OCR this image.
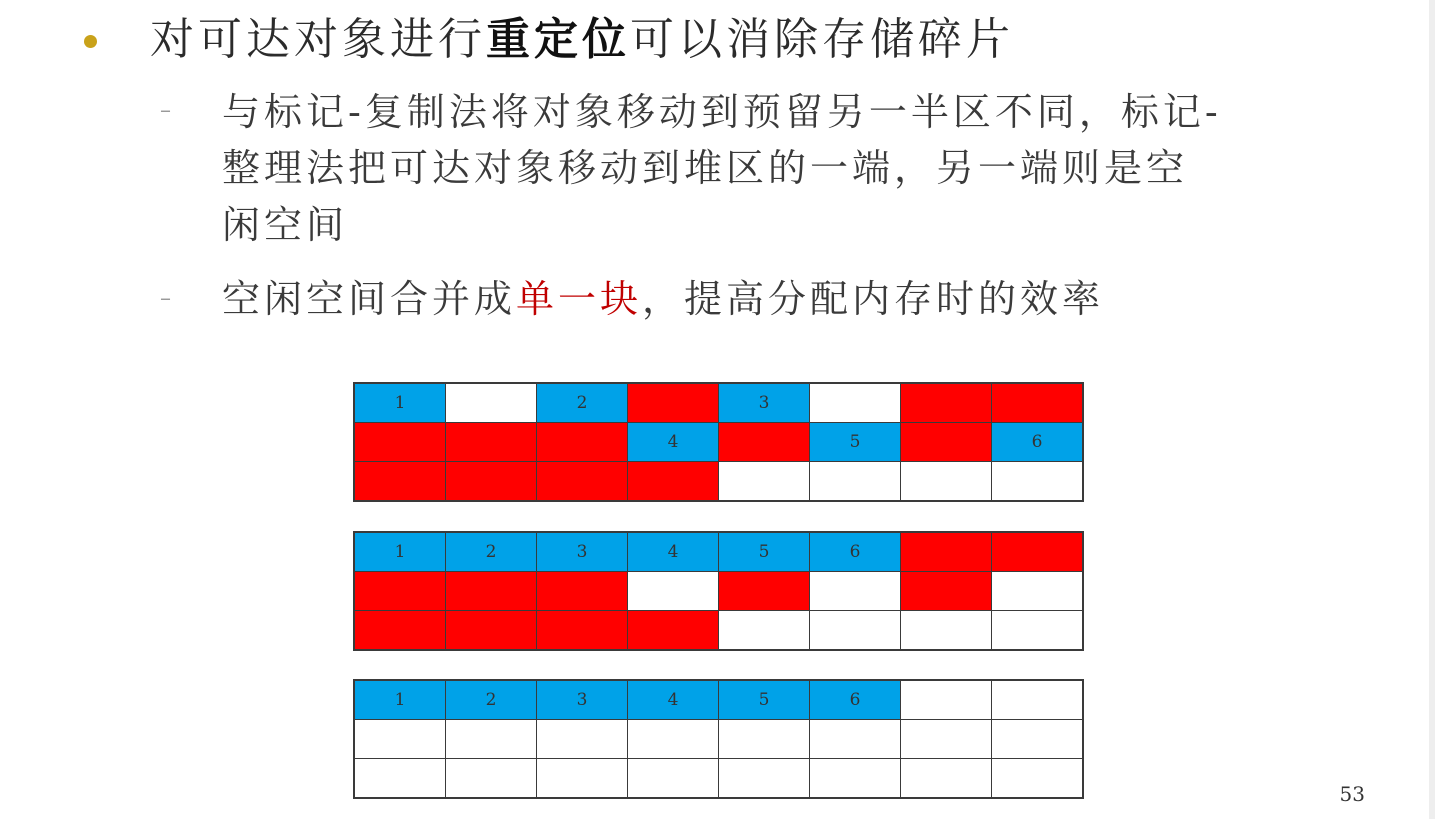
对可达对象进行重定位可以消除存储碎片
– 与标记-复制法将对象移动到预留另一半区不同，标记-
整理法把可达对象移动到堆区的一端，另一端则是空
闲空间
– 空闲空间合并成单一块，提高分配内存时的效率
1		2		3			
			4		5		6

1	2	3	4	5	6		

1	2	3	4	5	6		

53
